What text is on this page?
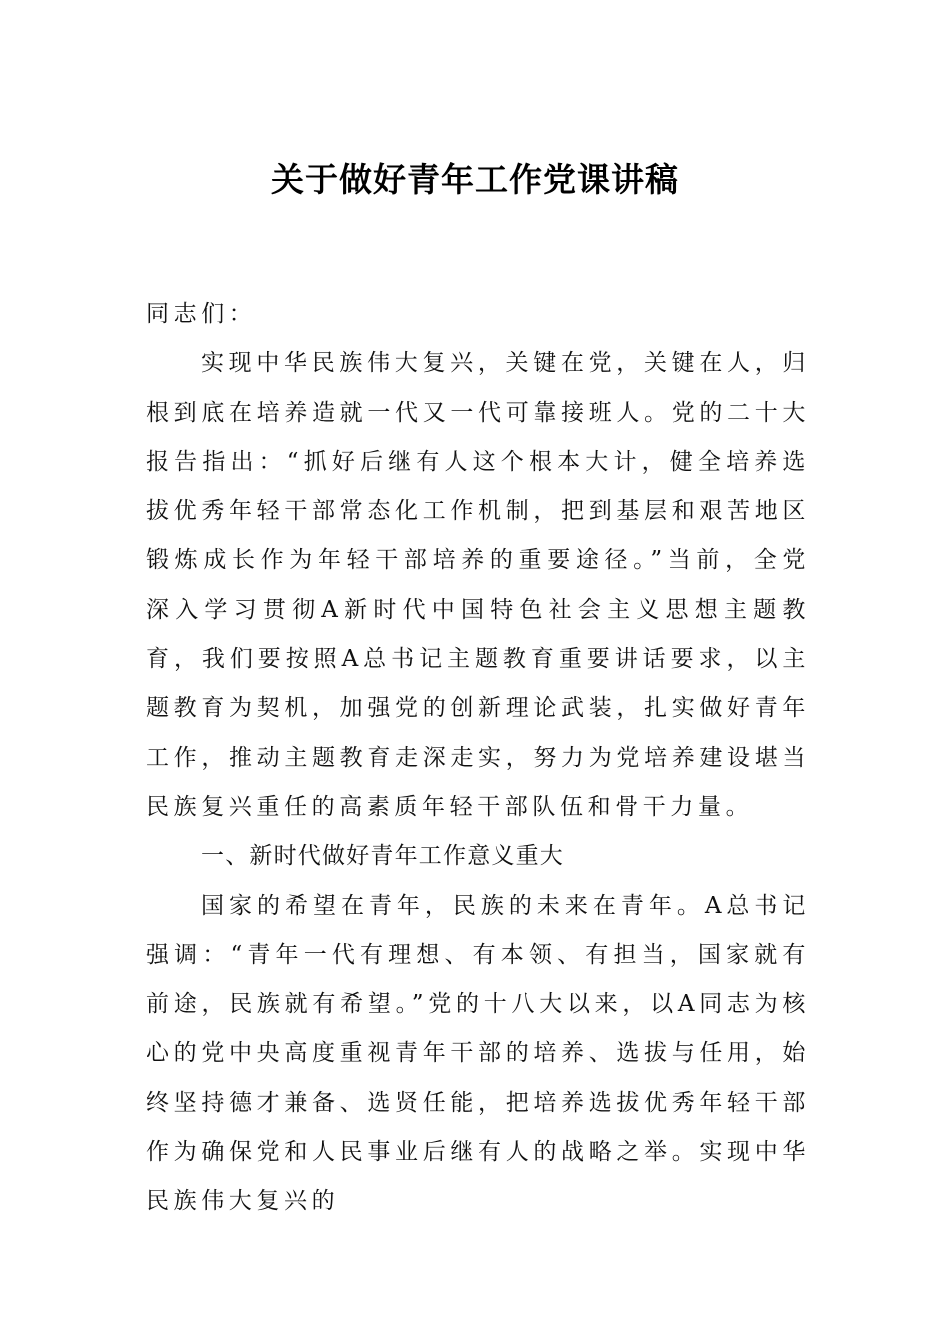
关于做好青年工作党课讲稿

同志们：

实现中华民族伟大复兴，关键在党，关键在人，归根到底在培养造就一代又一代可靠接班人。党的二十大报告指出：“抓好后继有人这个根本大计，健全培养选拔优秀年轻干部常态化工作机制，把到基层和艰苦地区锻炼成长作为年轻干部培养的重要途径。”当前，全党深入学习贯彻A新时代中国特色社会主义思想主题教育，我们要按照A总书记主题教育重要讲话要求，以主题教育为契机，加强党的创新理论武装，扎实做好青年工作，推动主题教育走深走实，努力为党培养建设堪当民族复兴重任的高素质年轻干部队伍和骨干力量。

一、新时代做好青年工作意义重大

国家的希望在青年，民族的未来在青年。A总书记强调：“青年一代有理想、有本领、有担当，国家就有前途，民族就有希望。”党的十八大以来，以A同志为核心的党中央高度重视青年干部的培养、选拔与任用，始终坚持德才兼备、选贤任能，把培养选拔优秀年轻干部作为确保党和人民事业后继有人的战略之举。实现中华民族伟大复兴的
